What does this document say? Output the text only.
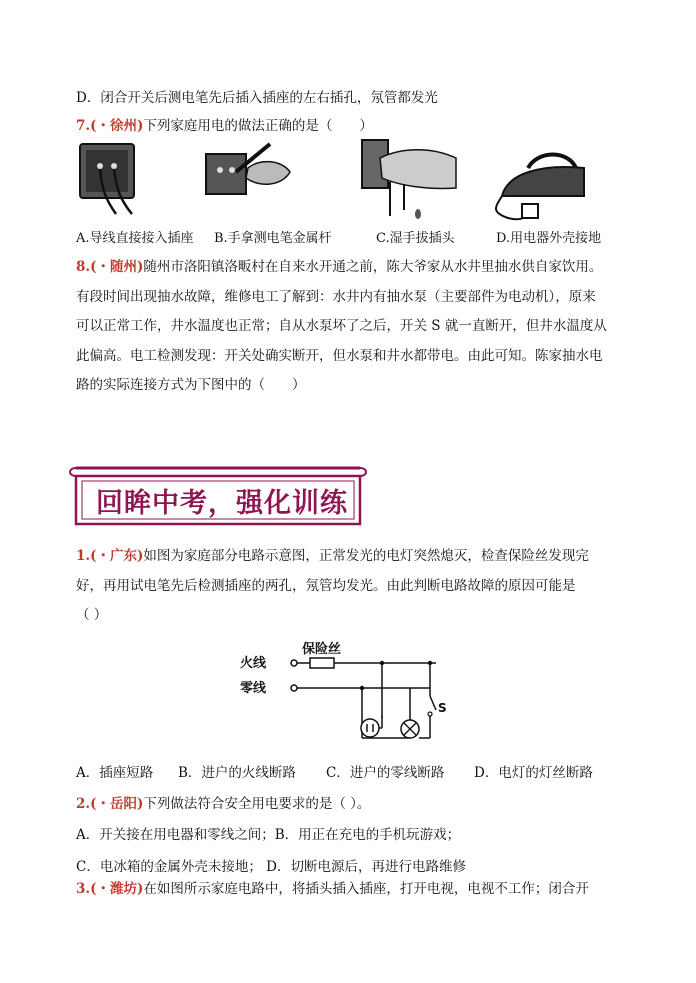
D．闭合开关后测电笔先后插入插座的左右插孔，氖管都发光
7.(・徐州)下列家庭用电的做法正确的是（　　）
A.导线直接接入插座 B.手拿测电笔金属杆	C.湿手拔插头	D.用电器外壳接地
8.(・随州)随州市洛阳镇洛畈村在自来水开通之前，陈大爷家从水井里抽水供自家饮用。
有段时间出现抽水故障，维修电工了解到：水井内有抽水泵（主要部件为电动机），原来
可以正常工作，井水温度也正常；自从水泵坏了之后，开关 S 就一直断开，但井水温度从
此偏高。电工检测发现：开关处确实断开，但水泵和井水都带电。由此可知。陈家抽水电
路的实际连接方式为下图中的（　　）
回眸中考，强化训练
1.(・广东)如图为家庭部分电路示意图，正常发光的电灯突然熄灭，检查保险丝发现完
好，再用试电笔先后检测插座的两孔，氖管均发光。由此判断电路故障的原因可能是
（ ）
火线
零线
保险丝
S
A．插座短路 B．进户的火线断路 C．进户的零线断路 D．电灯的灯丝断路
2.(・岳阳)下列做法符合安全用电要求的是（ ）。
A．开关接在用电器和零线之间；B．用正在充电的手机玩游戏；
C．电冰箱的金属外壳未接地； D．切断电源后，再进行电路维修
3.(・潍坊)在如图所示家庭电路中，将插头插入插座，打开电视，电视不工作；闭合开
